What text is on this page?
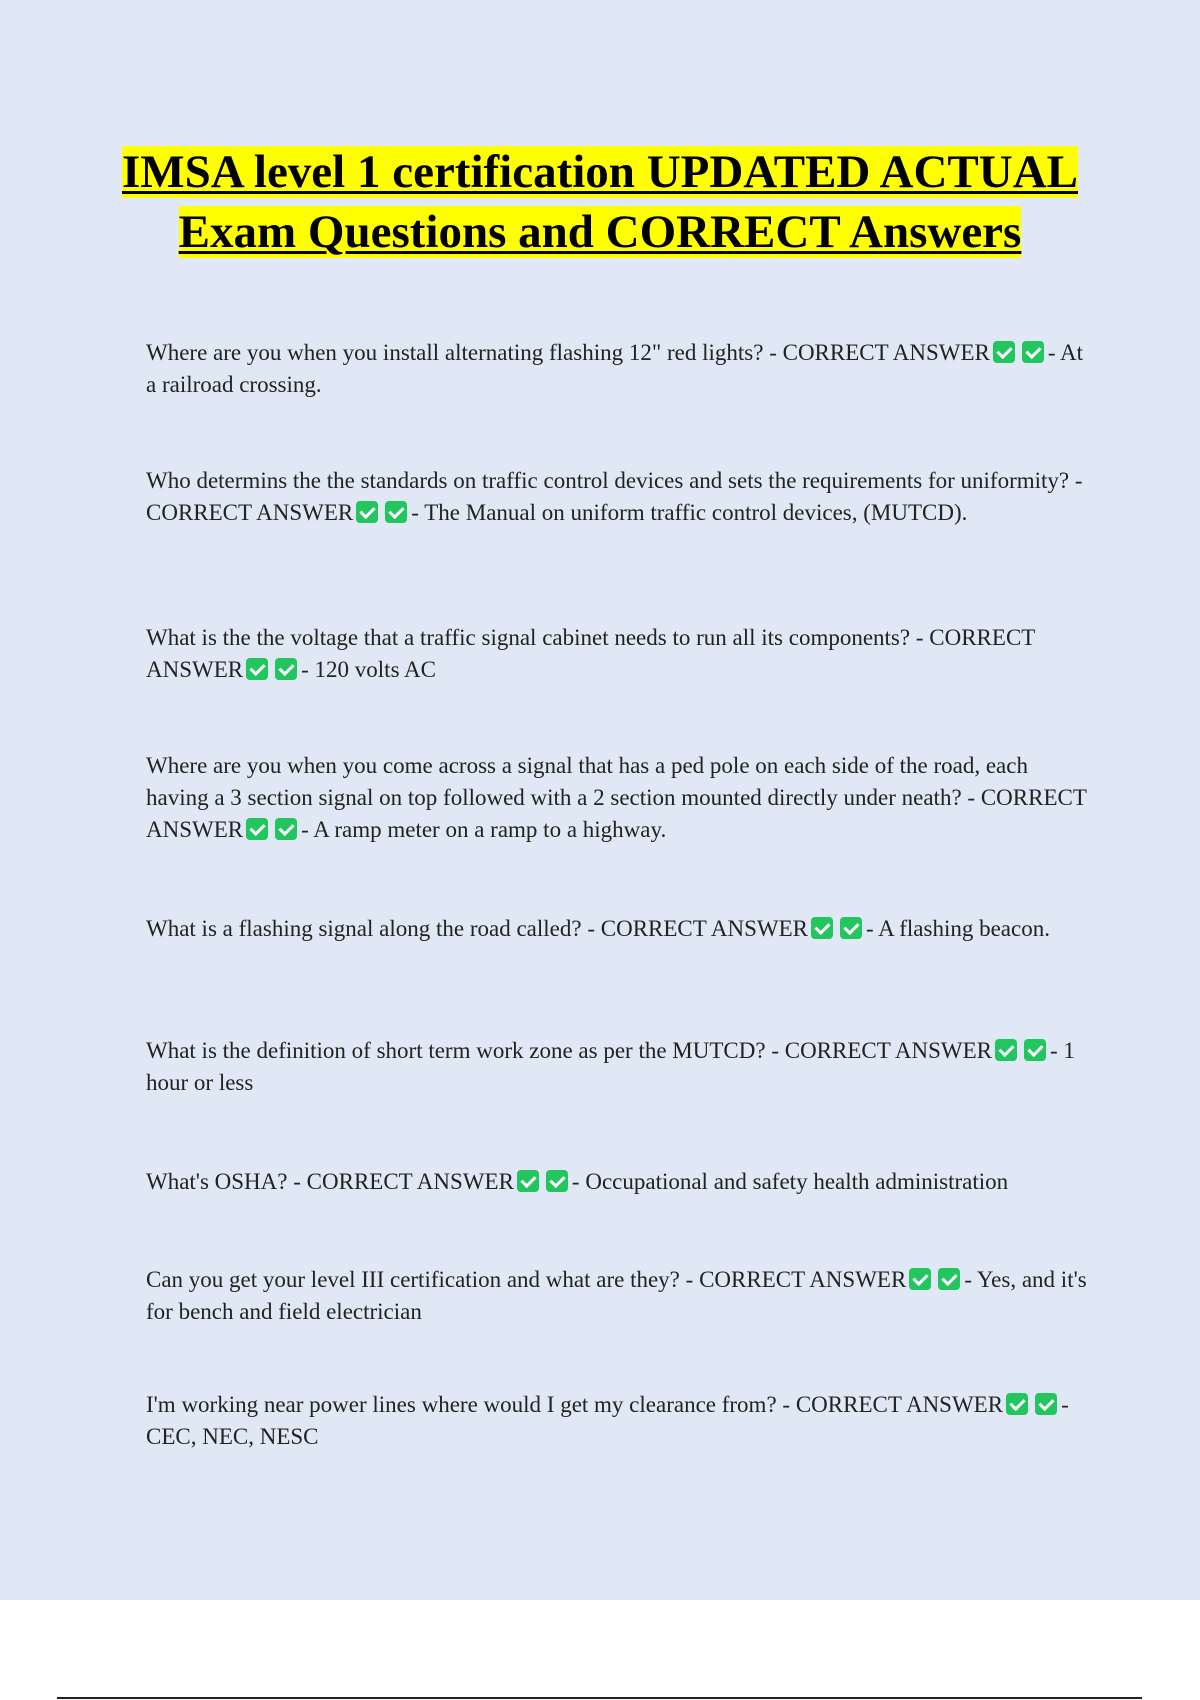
IMSA level 1 certification UPDATED ACTUAL Exam Questions and CORRECT Answers

Where are you when you install alternating flashing 12" red lights? - CORRECT ANSWER	- At a railroad crossing.

Who determins the the standards on traffic control devices and sets the requirements for uniformity? - CORRECT ANSWER	- The Manual on uniform traffic control devices, (MUTCD).

What is the the voltage that a traffic signal cabinet needs to run all its components? - CORRECT ANSWER	- 120 volts AC

Where are you when you come across a signal that has a ped pole on each side of the road, each having a 3 section signal on top followed with a 2 section mounted directly under neath? - CORRECT ANSWER	- A ramp meter on a ramp to a highway.

What is a flashing signal along the road called? - CORRECT ANSWER	- A flashing beacon.

What is the definition of short term work zone as per the MUTCD? - CORRECT ANSWER	- 1 hour or less

What's OSHA? - CORRECT ANSWER	- Occupational and safety health administration

Can you get your level III certification and what are they? - CORRECT ANSWER	- Yes, and it's for bench and field electrician

I'm working near power lines where would I get my clearance from? - CORRECT ANSWER	- CEC, NEC, NESC
